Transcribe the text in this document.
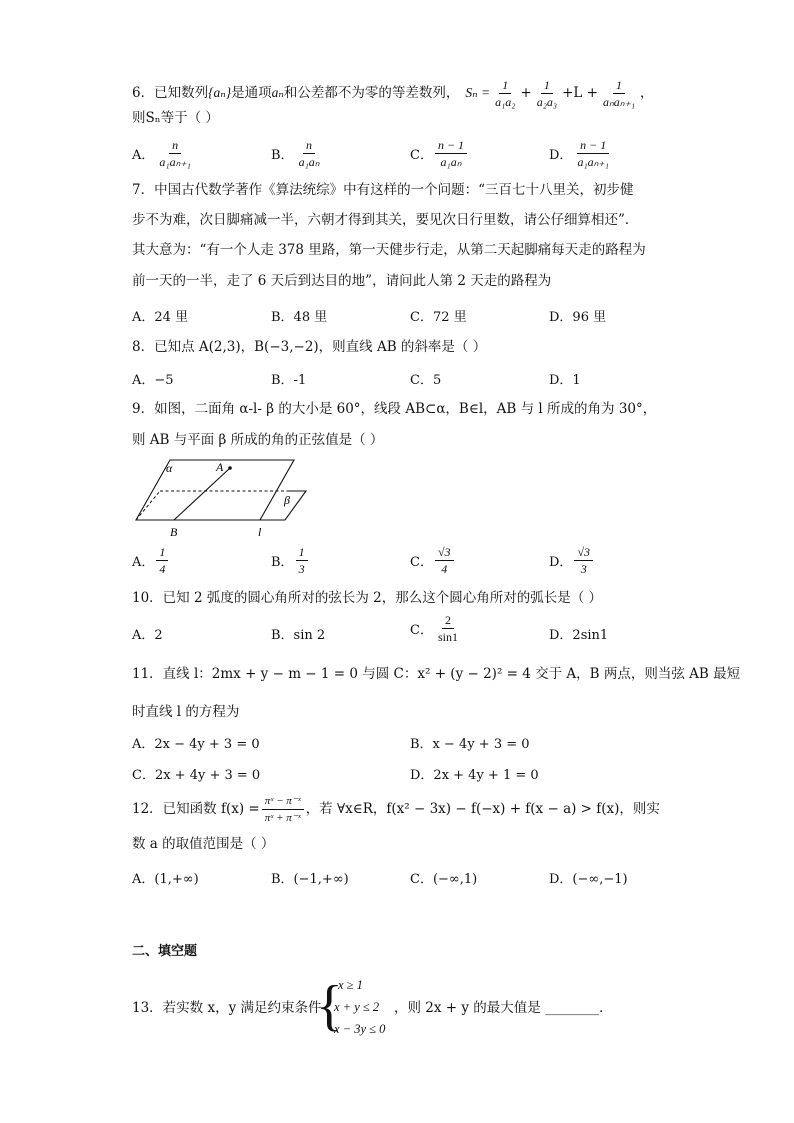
6．已知数列 {aₙ} 是通项 aₙ 和公差都不为零的等差数列， $S_n = \frac{1}{\text{a₁a₂}} + \frac{1}{\text{a₂a₃}} +L + \frac{1}{\text{aₙaₙ₊₁}}$ ，
则Sₙ等于（ ）
A． $\frac{n}{\text{a₁aₙ₊₁}}$	B． $\frac{n}{\text{a₁aₙ}}$	C． $\frac{n - 1}{\text{a₁aₙ}}$	D． $\frac{n - 1}{\text{a₁aₙ₊₁}}$
7．中国古代数学著作《算法统综》中有这样的一个问题：“三百七十八里关，初步健
步不为难，次日脚痛减一半，六朝才得到其关，要见次日行里数，请公仔细算相还”．
其大意为：“有一个人走 378 里路，第一天健步行走，从第二天起脚痛每天走的路程为
前一天的一半，走了 6 天后到达目的地”，请问此人第 2 天走的路程为
A．24 里	B．48 里	C．72 里	D．96 里
8．已知点 A(2,3)，B(−3,−2)，则直线 AB 的斜率是（ ）
A．−5	B．-1	C．5	D．1
9．如图，二面角 α-l- β 的大小是 60°，线段 AB⊂α，B∈l，AB 与 l 所成的角为 30°，
则 AB 与平面 β 所成的角的正弦值是（ ）
α	A
β
B	l
A． $\frac{1}{4}$	B． $\frac{1}{3}$	C． $\frac{√3}{4}$	D． $\frac{√3}{3}$
10．已知 2 弧度的圆心角所对的弦长为 2，那么这个圆心角所对的弧长是（ ）
A．2	B．sin 2	C． $\frac{2}{\sin 1}$	D．2sin1
11．直线 l：2mx + y − m − 1 = 0 与圆 C：x² + (y − 2)² = 4 交于 A，B 两点，则当弦 AB 最短
时直线 l 的方程为
A．2x − 4y + 3 = 0	B．x − 4y + 3 = 0
C．2x + 4y + 3 = 0	D．2x + 4y + 1 = 0
12．已知函数 $f(x) = \frac{\text{πˣ − π⁻ˣ}}{\text{πˣ + π⁻ˣ}}$ ，若 ∀x∈R，f(x² − 3x) − f(−x) + f(x − a) > f(x)，则实
数 a 的取值范围是（ ）
A．(1,+∞)	B．(−1,+∞)	C．(−∞,1)	D．(−∞,−1)
二、填空题
13．若实数 x，y 满足约束条件
{
x ≥ 1
x + y ≤ 2
x − 3y ≤ 0
，则 2x + y 的最大值是 ________．
